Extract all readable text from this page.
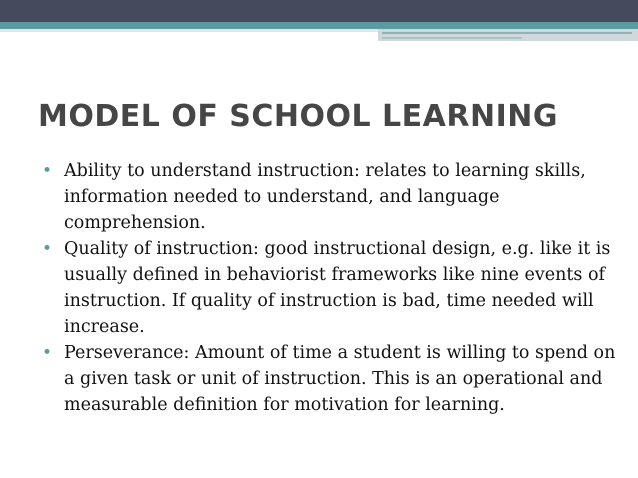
MODEL OF SCHOOL LEARNING
• Ability to understand instruction: relates to learning skills, information needed to understand, and language comprehension.
• Quality of instruction: good instructional design, e.g. like it is usually defined in behaviorist frameworks like nine events of instruction. If quality of instruction is bad, time needed will increase.
• Perseverance: Amount of time a student is willing to spend on a given task or unit of instruction. This is an operational and measurable definition for motivation for learning.
